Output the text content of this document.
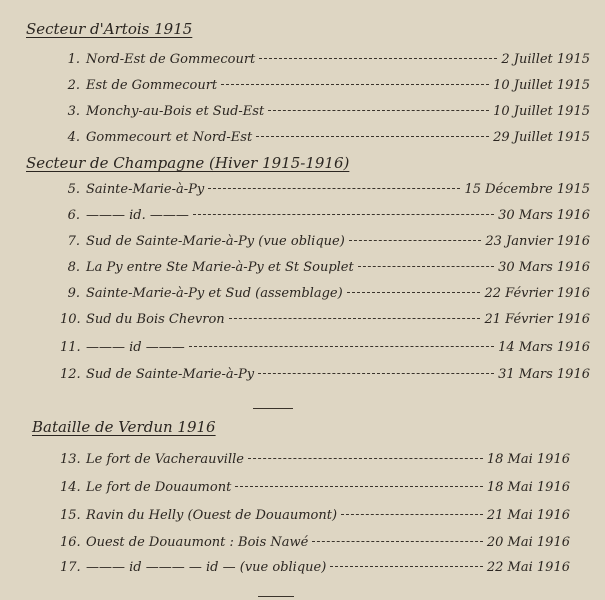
Secteur d'Artois 1915
1. Nord-Est de Gommecourt	2 Juillet 1915
2. Est de Gommecourt	10 Juillet 1915
3. Monchy-au-Bois et Sud-Est	10 Juillet 1915
4. Gommecourt et Nord-Est	29 Juillet 1915
Secteur de Champagne (Hiver 1915-1916)
5. Sainte-Marie-à-Py	15 Décembre 1915
6. ——— id. ———	30 Mars 1916
7. Sud de Sainte-Marie-à-Py (vue oblique)	23 Janvier 1916
8. La Py entre Ste Marie-à-Py et St Souplet	30 Mars 1916
9. Sainte-Marie-à-Py et Sud (assemblage)	22 Février 1916
10. Sud du Bois Chevron	21 Février 1916
11. ——— id ———	14 Mars 1916
12. Sud de Sainte-Marie-à-Py	31 Mars 1916
Bataille de Verdun 1916
13. Le fort de Vacherauville	18 Mai 1916
14. Le fort de Douaumont	18 Mai 1916
15. Ravin du Helly (Ouest de Douaumont)	21 Mai 1916
16. Ouest de Douaumont : Bois Nawé	20 Mai 1916
17. ——— id ——— — id — (vue oblique)	22 Mai 1916
